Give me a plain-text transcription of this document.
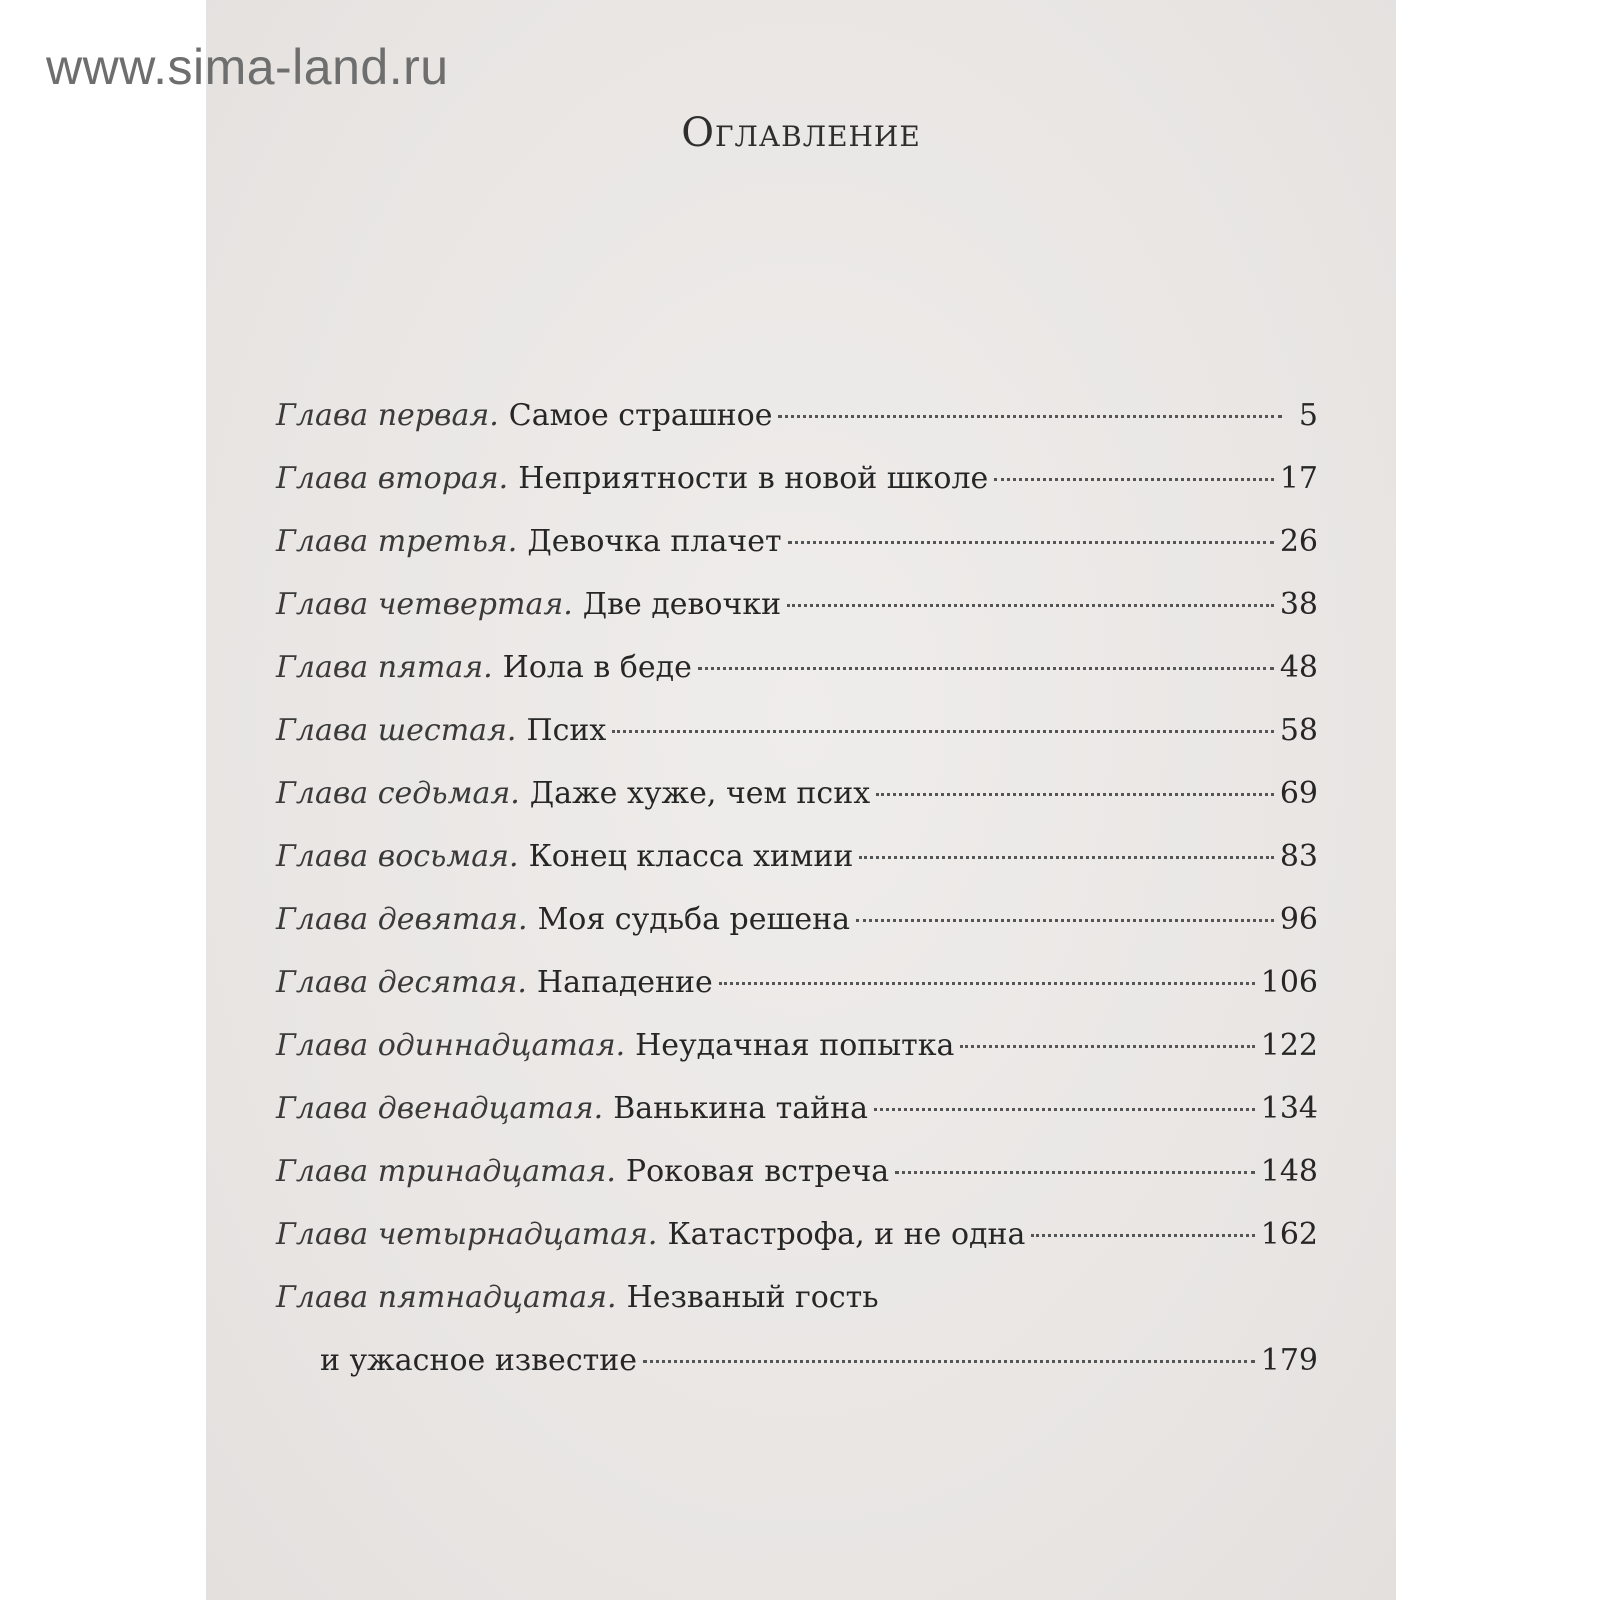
www.sima-land.ru
Оглавление
Глава первая. Самое страшное	5
Глава вторая. Неприятности в новой школе	17
Глава третья. Девочка плачет	26
Глава четвертая. Две девочки	38
Глава пятая. Иола в беде	48
Глава шестая. Псих	58
Глава седьмая. Даже хуже, чем псих	69
Глава восьмая. Конец класса химии	83
Глава девятая. Моя судьба решена	96
Глава десятая. Нападение	106
Глава одиннадцатая. Неудачная попытка	122
Глава двенадцатая. Ванькина тайна	134
Глава тринадцатая. Роковая встреча	148
Глава четырнадцатая. Катастрофа, и не одна	162
Глава пятнадцатая. Незваный гость
и ужасное известие	179
